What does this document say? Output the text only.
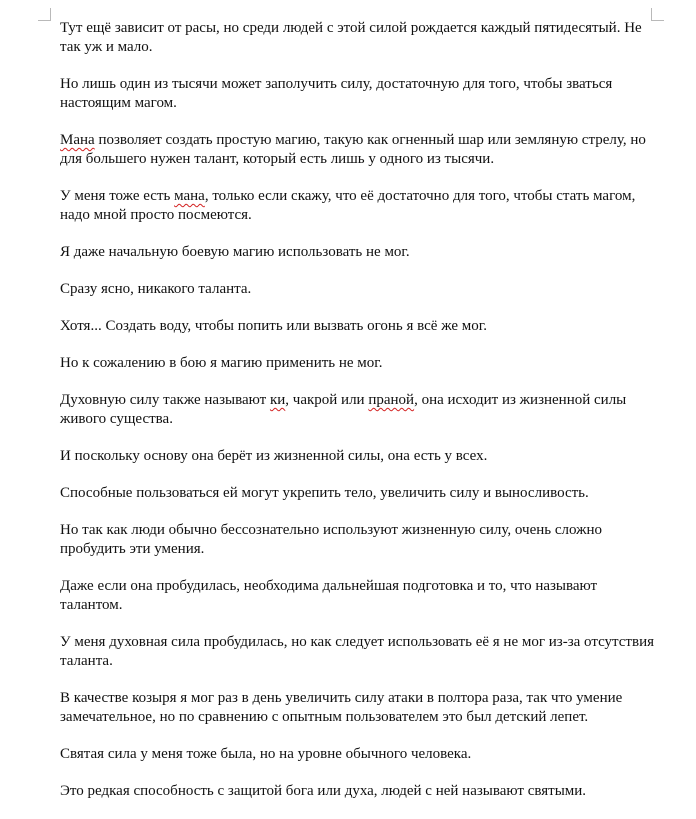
Тут ещё зависит от расы, но среди людей с этой силой рождается каждый пятидесятый. Не так уж и мало.

Но лишь один из тысячи может заполучить силу, достаточную для того, чтобы зваться настоящим магом.

Мана позволяет создать простую магию, такую как огненный шар или земляную стрелу, но для большего нужен талант, который есть лишь у одного из тысячи.

У меня тоже есть мана, только если скажу, что её достаточно для того, чтобы стать магом, надо мной просто посмеются.

Я даже начальную боевую магию использовать не мог.

Сразу ясно, никакого таланта.

Хотя... Создать воду, чтобы попить или вызвать огонь я всё же мог.

Но к сожалению в бою я магию применить не мог.

Духовную силу также называют ки, чакрой или праной, она исходит из жизненной силы живого существа.

И поскольку основу она берёт из жизненной силы, она есть у всех.

Способные пользоваться ей могут укрепить тело, увеличить силу и выносливость.

Но так как люди обычно бессознательно используют жизненную силу, очень сложно пробудить эти умения.

Даже если она пробудилась, необходима дальнейшая подготовка и то, что называют талантом.

У меня духовная сила пробудилась, но как следует использовать её я не мог из-за отсутствия таланта.

В качестве козыря я мог раз в день увеличить силу атаки в полтора раза, так что умение замечательное, но по сравнению с опытным пользователем это был детский лепет.

Святая сила у меня тоже была, но на уровне обычного человека.

Это редкая способность с защитой бога или духа, людей с ней называют святыми.
